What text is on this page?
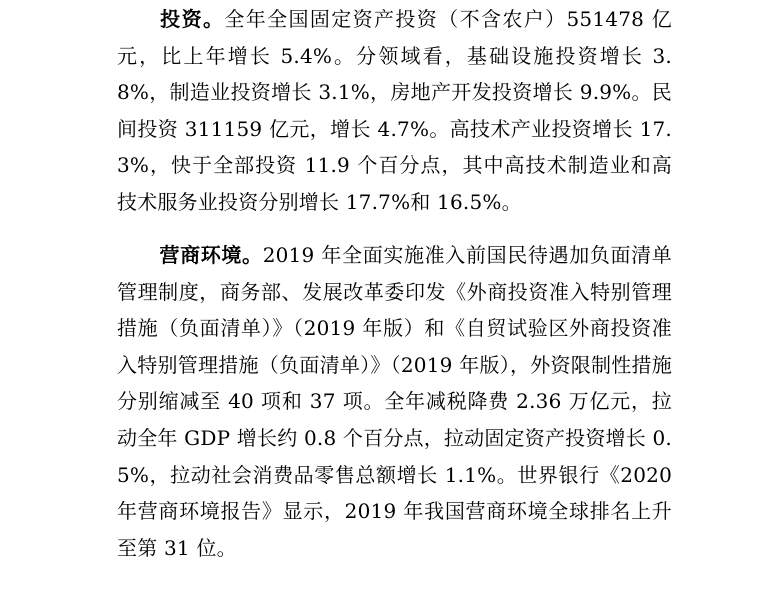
投资。全年全国固定资产投资（不含农户）551478 亿元，比上年增长 5.4%。分领域看，基础设施投资增长 3.8%，制造业投资增长 3.1%，房地产开发投资增长 9.9%。民间投资 311159 亿元，增长 4.7%。高技术产业投资增长 17.3%，快于全部投资 11.9 个百分点，其中高技术制造业和高技术服务业投资分别增长 17.7%和 16.5%。

营商环境。2019 年全面实施准入前国民待遇加负面清单管理制度，商务部、发展改革委印发《外商投资准入特别管理措施（负面清单）》（2019 年版）和《自贸试验区外商投资准入特别管理措施（负面清单）》（2019 年版），外资限制性措施分别缩减至 40 项和 37 项。全年减税降费 2.36 万亿元，拉动全年 GDP 增长约 0.8 个百分点，拉动固定资产投资增长 0.5%，拉动社会消费品零售总额增长 1.1%。世界银行《2020 年营商环境报告》显示，2019 年我国营商环境全球排名上升至第 31 位。
